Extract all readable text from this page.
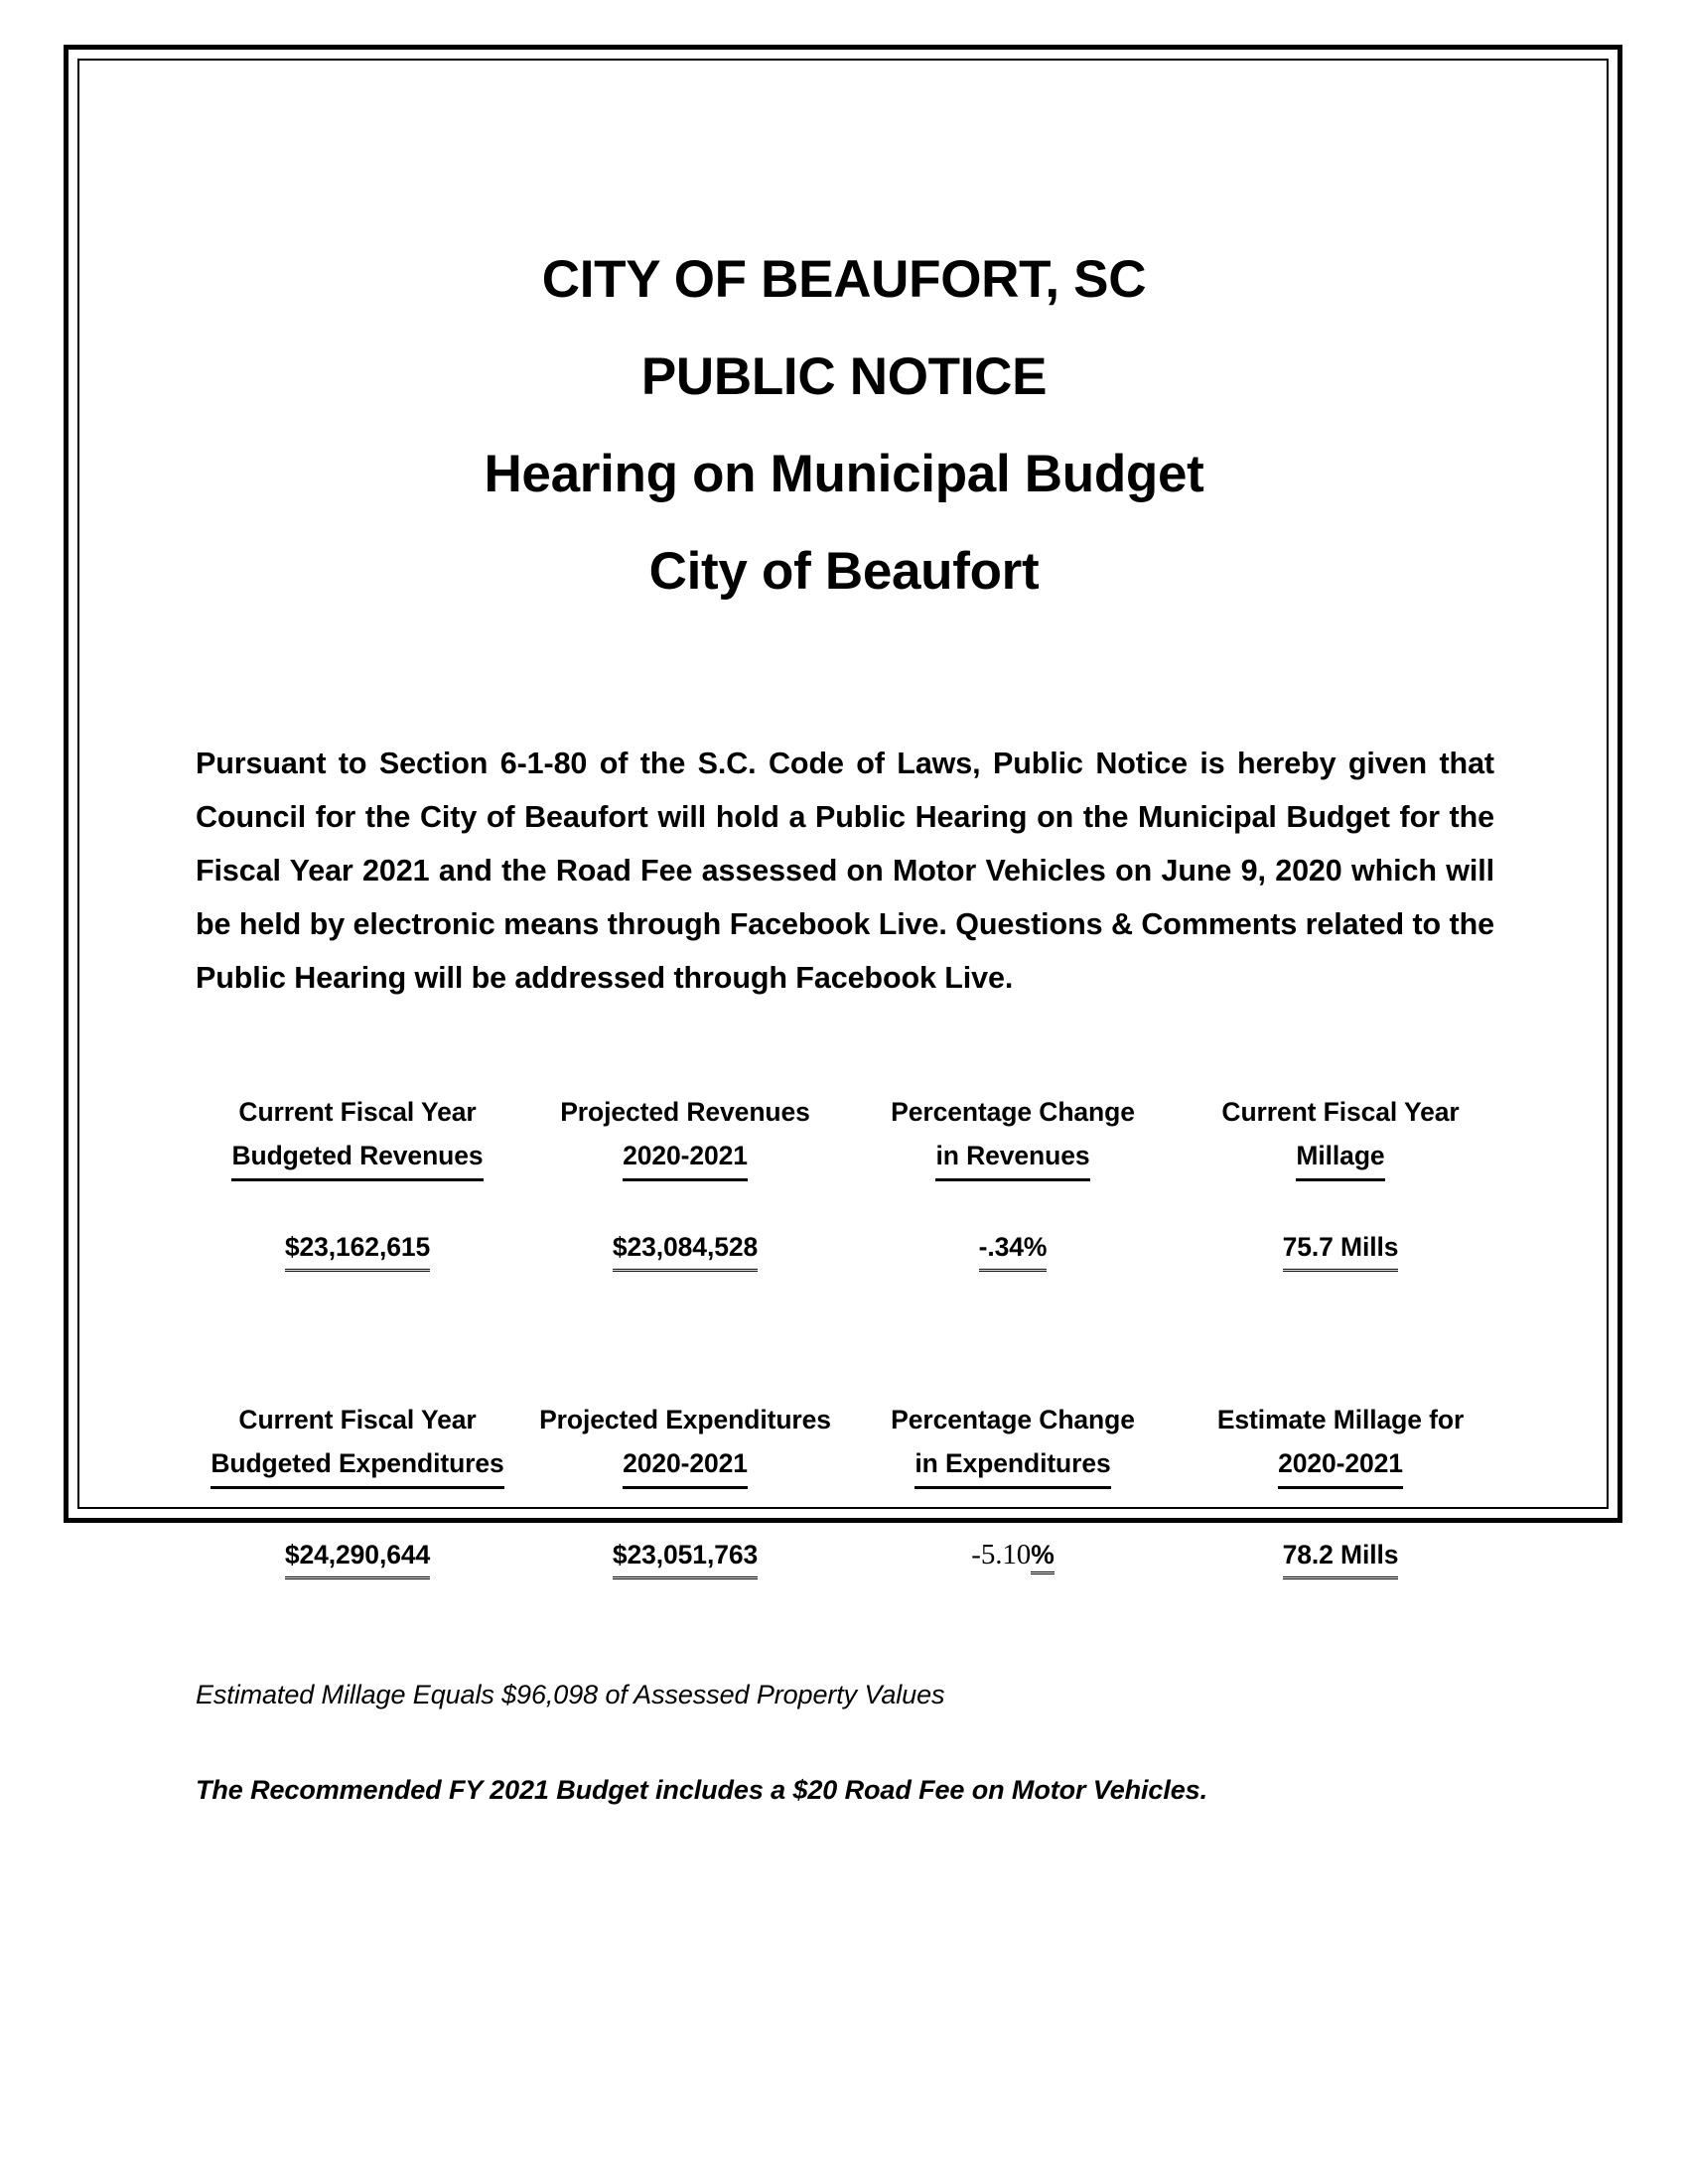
CITY OF BEAUFORT, SC
PUBLIC NOTICE
Hearing on Municipal Budget
City of Beaufort
Pursuant to Section 6-1-80 of the S.C. Code of Laws, Public Notice is hereby given that Council for the City of Beaufort will hold a Public Hearing on the Municipal Budget for the Fiscal Year 2021 and the Road Fee assessed on Motor Vehicles on June 9, 2020 which will be held by electronic means through Facebook Live. Questions & Comments related to the Public Hearing will be addressed through Facebook Live.
Current Fiscal Year
Budgeted Revenues
$23,162,615
Projected Revenues
2020-2021
$23,084,528
Percentage Change
in Revenues
-.34%
Current Fiscal Year
Millage
75.7 Mills
Current Fiscal Year
Budgeted Expenditures
$24,290,644
Projected Expenditures
2020-2021
$23,051,763
Percentage Change
in Expenditures
-5.10%
Estimate Millage for
2020-2021
78.2 Mills
Estimated Millage Equals $96,098 of Assessed Property Values
The Recommended FY 2021 Budget includes a $20 Road Fee on Motor Vehicles.
